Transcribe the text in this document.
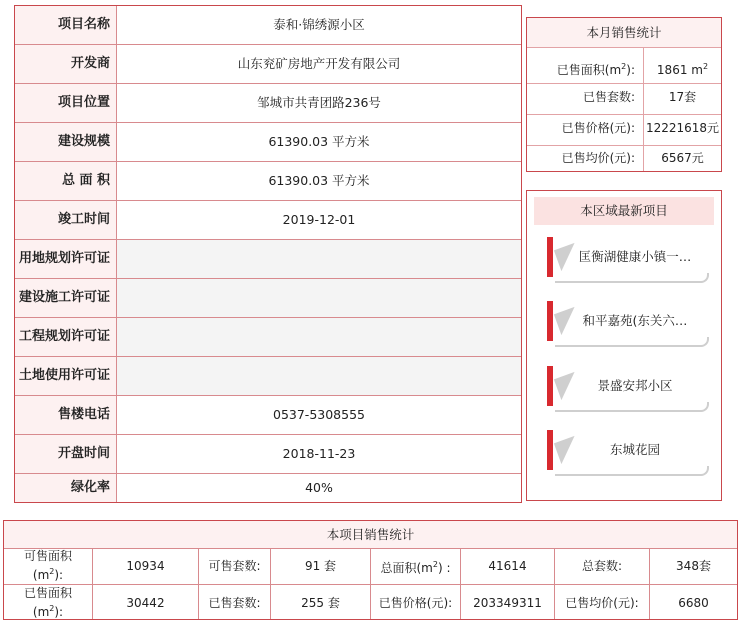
项目名称	泰和·锦绣源小区
开发商	山东兖矿房地产开发有限公司
项目位置	邹城市共青团路236号
建设规模	61390.03 平方米
总 面 积	61390.03 平方米
竣工时间	2019-12-01
用地规划许可证
建设施工许可证
工程规划许可证
土地使用许可证
售楼电话	0537-5308555
开盘时间	2018-11-23
绿化率	40%
本月销售统计
已售面积$(m^2)$:	1861 $m^2$
已售套数:	17套
已售价格(元): 12221618元
已售均价(元):	6567元
本区域最新项目
匡衡湖健康小镇一…
和平嘉苑(东关六…
景盛安邦小区
东城花园
本项目销售统计
可售面积
$(m^2)$:
10934	可售套数:	91 套	总面积$(m^2)$ :	41614	总套数:	348套
已售面积
$(m^2)$:
30442	已售套数:	255 套	已售价格(元):	203349311	已售均价(元):	6680
